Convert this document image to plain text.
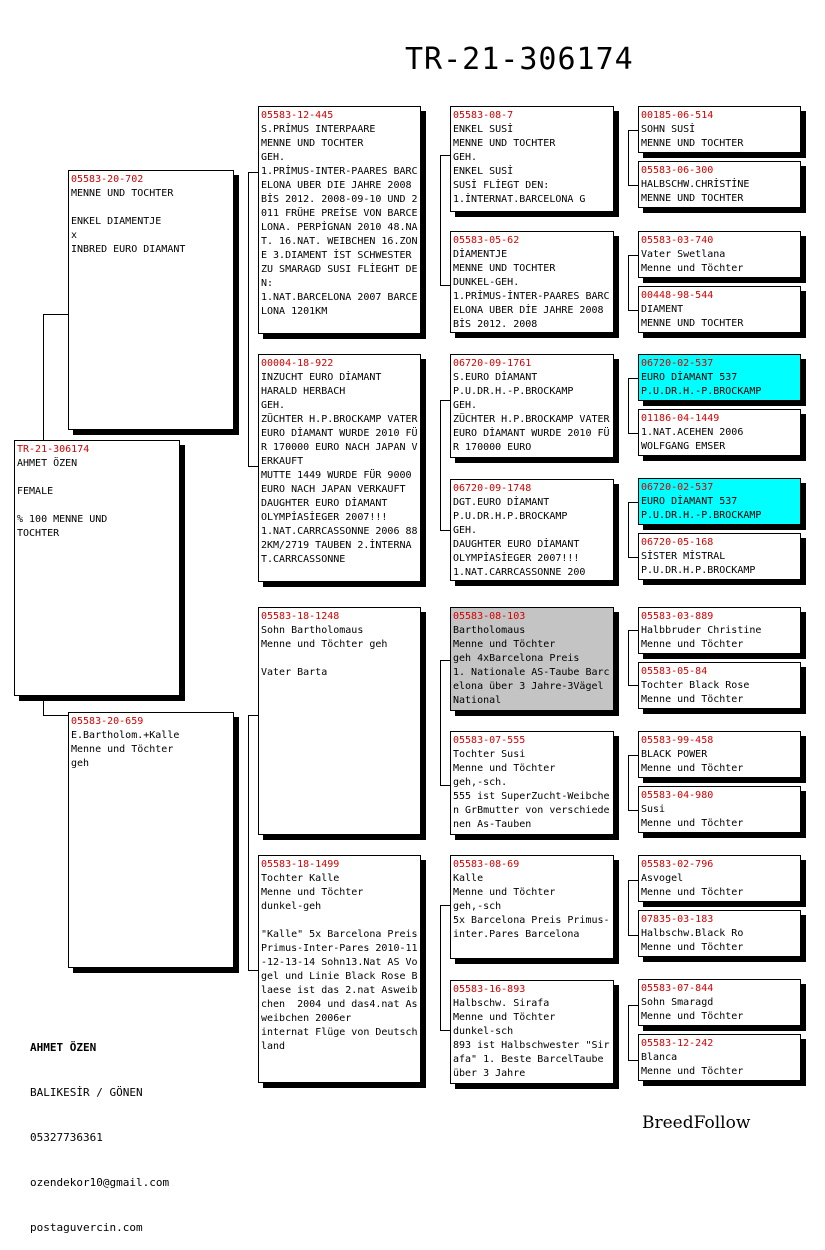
TR-21-306174
TR-21-306174
AHMET ÖZEN

FEMALE

% 100 MENNE UND
TOCHTER
05583-20-702
MENNE UND TOCHTER

ENKEL DIAMENTJE
x
INBRED EURO DIAMANT
05583-20-659
E.Bartholom.+Kalle
Menne und Töchter
geh
05583-12-445
S.PRİMUS INTERPAARE
MENNE UND TOCHTER
GEH.
1.PRİMUS-INTER-PAARES BARCELONA UBER DIE JAHRE 2008 BİS 2012. 2008-09-10 UND 2011 FRÜHE PREİSE VON BARCELONA. PERPİGNAN 2010 48.NAT. 16.NAT. WEIBCHEN 16.ZONE 3.DIAMENT İST SCHWESTER ZU SMARAGD SUSI FLİEGHT DEN:
1.NAT.BARCELONA 2007 BARCELONA 1201KM
00004-18-922
INZUCHT EURO DİAMANT
HARALD HERBACH
GEH.
ZÜCHTER H.P.BROCKAMP VATER EURO DİAMANT WURDE 2010 FÜR 170000 EURO NACH JAPAN VERKAUFT
MUTTE 1449 WURDE FÜR 9000 EURO NACH JAPAN VERKAUFT
DAUGHTER EURO DİAMANT
OLYMPİASİEGER 2007!!!
1.NAT.CARRCASSONNE 2006 882KM/2719 TAUBEN 2.İNTERNAT.CARRCASSONNE
05583-18-1248
Sohn Bartholomaus
Menne und Töchter geh

Vater Barta
05583-18-1499
Tochter Kalle
Menne und Töchter
dunkel-geh

"Kalle" 5x Barcelona PreisPrimus-Inter-Pares 2010-11-12-13-14 Sohn13.Nat AS Vogel und Linie Black Rose Blaese ist das 2.nat Asweibchen  2004 und das4.nat Asweibchen 2006er
internat Flüge von Deutschland
05583-08-7
ENKEL SUSİ
MENNE UND TOCHTER
GEH.
ENKEL SUSİ
SUSİ FLİEGT DEN:
1.İNTERNAT.BARCELONA G
05583-05-62
DİAMENTJE
MENNE UND TOCHTER
DUNKEL-GEH.
1.PRİMUS-İNTER-PAARES BARCELONA UBER DİE JAHRE 2008 BİS 2012. 2008
06720-09-1761
S.EURO DİAMANT
P.U.DR.H.-P.BROCKAMP
GEH.
ZÜCHTER H.P.BROCKAMP VATER EURO DİAMANT WURDE 2010 FÜR 170000 EURO
06720-09-1748
DGT.EURO DİAMANT
P.U.DR.H.P.BROCKAMP
GEH.
DAUGHTER EURO DİAMANT
OLYMPİASİEGER 2007!!!
1.NAT.CARRCASSONNE 200
05583-08-103
Bartholomaus
Menne und Töchter
geh 4xBarcelona Preis
1. Nationale AS-Taube Barcelona über 3 Jahre-3Vägel National
05583-07-555
Tochter Susi
Menne und Töchter
geh,-sch.
555 ist SuperZucht-Weibchen GrBmutter von verschiedenen As-Tauben
05583-08-69
Kalle
Menne und Töchter
geh,-sch
5x Barcelona Preis Primus-inter.Pares Barcelona
05583-16-893
Halbschw. Sirafa
Menne und Töchter
dunkel-sch
893 ist Halbschwester "Sirafa" 1. Beste BarcelTaube über 3 Jahre
00185-06-514
SOHN SUSİ
MENNE UND TOCHTER
05583-06-300
HALBSCHW.CHRİSTİNE
MENNE UND TOCHTER
05583-03-740
Vater Swetlana
Menne und Töchter
00448-98-544
DIAMENT
MENNE UND TOCHTER
06720-02-537
EURO DİAMANT 537
P.U.DR.H.-P.BROCKAMP
01186-04-1449
1.NAT.ACEHEN 2006
WOLFGANG EMSER
06720-02-537
EURO DİAMANT 537
P.U.DR.H.-P.BROCKAMP
06720-05-168
SİSTER MİSTRAL
P.U.DR.H.P.BROCKAMP
05583-03-889
Halbbruder Christine
Menne und Töchter
05583-05-84
Tochter Black Rose
Menne und Töchter
05583-99-458
BLACK POWER
Menne und Töchter
05583-04-980
Susi
Menne und Töchter
05583-02-796
Asvogel
Menne und Töchter
07835-03-183
Halbschw.Black Ro
Menne und Töchter
05583-07-844
Sohn Smaragd
Menne und Töchter
05583-12-242
Blanca
Menne und Töchter

AHMET ÖZEN

BALIKESİR / GÖNEN

05327736361

ozendekor10@gmail.com

postaguvercin.com

BreedFollow
